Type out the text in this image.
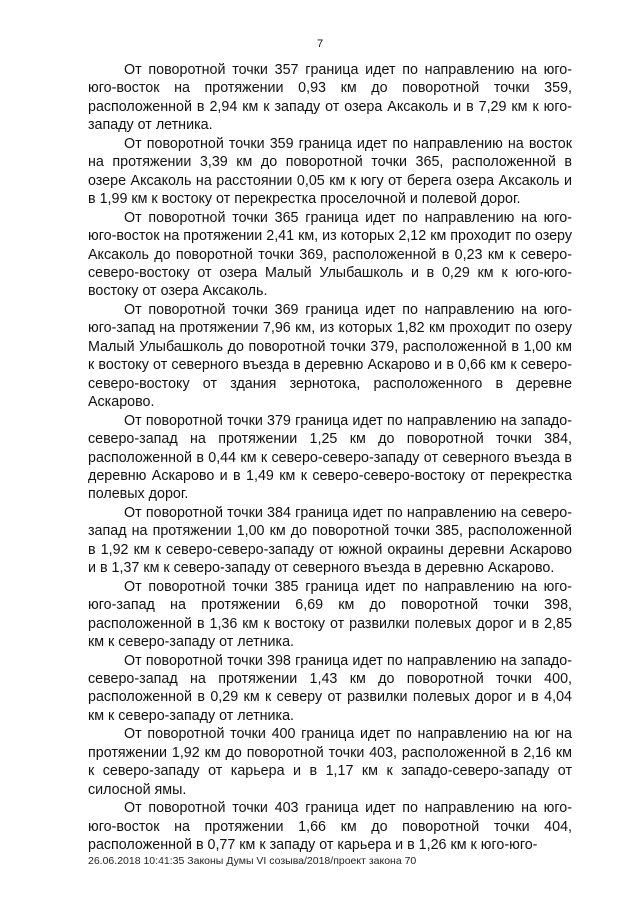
7

От поворотной точки 357 граница идет по направлению на юго-юго-восток на протяжении 0,93 км до поворотной точки 359, расположенной в 2,94 км к западу от озера Аксаколь и в 7,29 км к юго-западу от летника.

От поворотной точки 359 граница идет по направлению на восток на протяжении 3,39 км до поворотной точки 365, расположенной в озере Аксаколь на расстоянии 0,05 км к югу от берега озера Аксаколь и в 1,99 км к востоку от перекрестка проселочной и полевой дорог.

От поворотной точки 365 граница идет по направлению на юго-юго-восток на протяжении 2,41 км, из которых 2,12 км проходит по озеру Аксаколь до поворотной точки 369, расположенной в 0,23 км к северо-северо-востоку от озера Малый Улыбашколь и в 0,29 км к юго-юго-востоку от озера Аксаколь.

От поворотной точки 369 граница идет по направлению на юго-юго-запад на протяжении 7,96 км, из которых 1,82 км проходит по озеру Малый Улыбашколь до поворотной точки 379, расположенной в 1,00 км к востоку от северного въезда в деревню Аскарово и в 0,66 км к северо-северо-востоку от здания зернотока, расположенного в деревне Аскарово.

От поворотной точки 379 граница идет по направлению на западо-северо-запад на протяжении 1,25 км до поворотной точки 384, расположенной в 0,44 км к северо-северо-западу от северного въезда в деревню Аскарово и в 1,49 км к северо-северо-востоку от перекрестка полевых дорог.

От поворотной точки 384 граница идет по направлению на северо-запад на протяжении 1,00 км до поворотной точки 385, расположенной в 1,92 км к северо-северо-западу от южной окраины деревни Аскарово и в 1,37 км к северо-западу от северного въезда в деревню Аскарово.

От поворотной точки 385 граница идет по направлению на юго-юго-запад на протяжении 6,69 км до поворотной точки 398, расположенной в 1,36 км к востоку от развилки полевых дорог и в 2,85 км к северо-западу от летника.

От поворотной точки 398 граница идет по направлению на западо-северо-запад на протяжении 1,43 км до поворотной точки 400, расположенной в 0,29 км к северу от развилки полевых дорог и в 4,04 км к северо-западу от летника.

От поворотной точки 400 граница идет по направлению на юг на протяжении 1,92 км до поворотной точки 403, расположенной в 2,16 км к северо-западу от карьера и в 1,17 км к западо-северо-западу от силосной ямы.

От поворотной точки 403 граница идет по направлению на юго-юго-восток на протяжении 1,66 км до поворотной точки 404, расположенной в 0,77 км к западу от карьера и в 1,26 км к юго-юго-

26.06.2018 10:41:35 Законы Думы VI созыва/2018/проект закона 70
